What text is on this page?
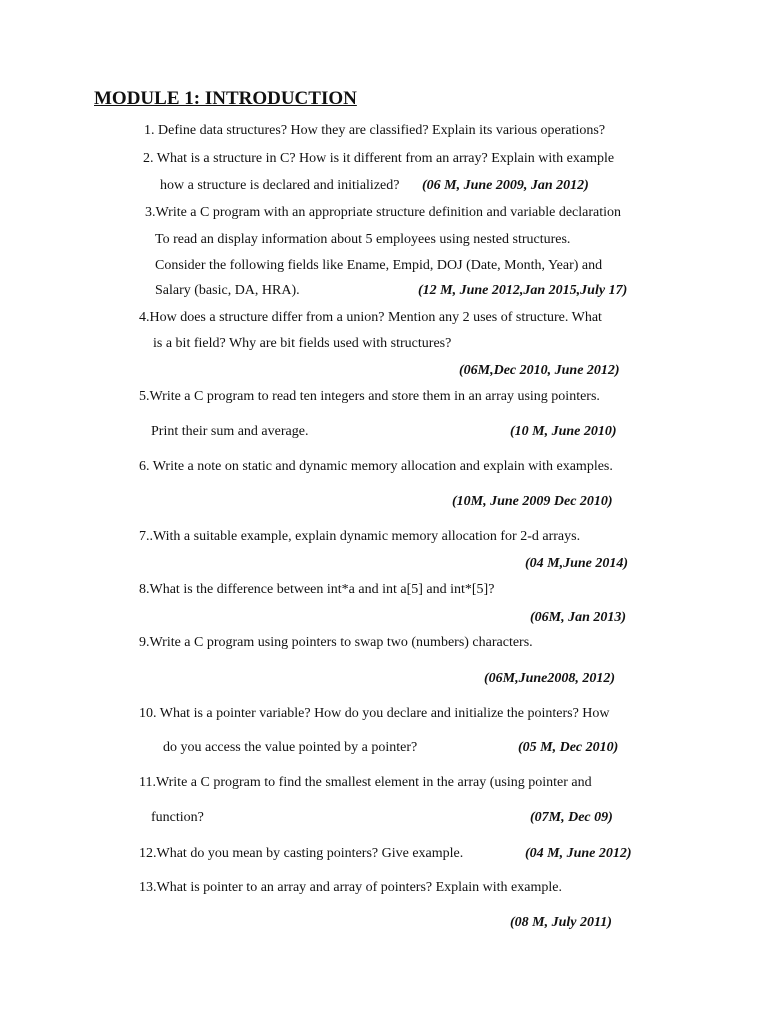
MODULE 1: INTRODUCTION
1. Define data structures? How they are classified? Explain its various operations?
2. What is a structure in C? How is it different from an array? Explain with example
how a structure is declared and initialized? (06 M, June 2009, Jan 2012)
3.Write a C program with an appropriate structure definition and variable declaration
To read an display information about 5 employees using nested structures.
Consider the following fields like Ename, Empid, DOJ (Date, Month, Year) and
Salary (basic, DA, HRA).	(12 M, June 2012,Jan 2015,July 17)
4.How does a structure differ from a union? Mention any 2 uses of structure. What
is a bit field? Why are bit fields used with structures?
(06M,Dec 2010, June 2012)
5.Write a C program to read ten integers and store them in an array using pointers.
Print their sum and average.	(10 M, June 2010)
6. Write a note on static and dynamic memory allocation and explain with examples.
(10M, June 2009 Dec 2010)
7..With a suitable example, explain dynamic memory allocation for 2-d arrays.
(04 M,June 2014)
8.What is the difference between int*a and int a[5] and int*[5]?
(06M, Jan 2013)
9.Write a C program using pointers to swap two (numbers) characters.
(06M,June2008, 2012)
10. What is a pointer variable? How do you declare and initialize the pointers? How
do you access the value pointed by a pointer?	(05 M, Dec 2010)
11.Write a C program to find the smallest element in the array (using pointer and
function?	(07M, Dec 09)
12.What do you mean by casting pointers? Give example.	(04 M, June 2012)
13.What is pointer to an array and array of pointers? Explain with example.
(08 M, July 2011)
